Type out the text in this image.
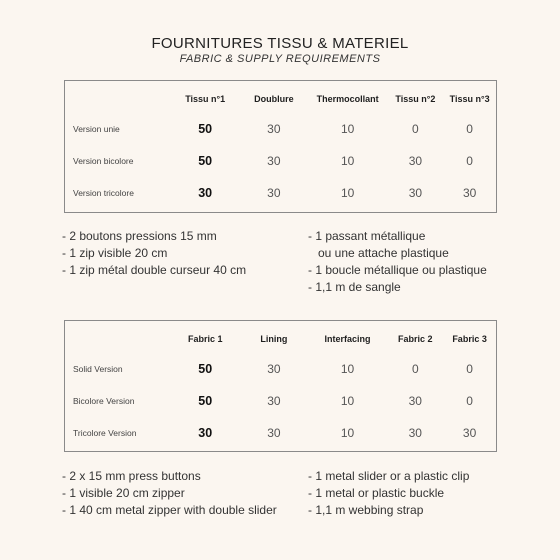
FOURNITURES TISSU & MATERIEL
FABRIC & SUPPLY REQUIREMENTS
	Tissu n°1	Doublure	Thermocollant	Tissu n°2	Tissu n°3
Version unie	50	30	10	0	0
Version bicolore	50	30	10	30	0
Version tricolore	30	30	10	30	30
- 2 boutons pressions 15 mm
- 1 zip visible 20 cm
- 1 zip métal double curseur 40 cm
- 1 passant métallique
ou une attache plastique
- 1 boucle métallique ou plastique
- 1,1 m de sangle
	Fabric 1	Lining	Interfacing	Fabric 2	Fabric 3
Solid Version	50	30	10	0	0
Bicolore Version	50	30	10	30	0
Tricolore Version	30	30	10	30	30
- 2 x 15 mm press buttons
- 1 visible 20 cm zipper
- 1 40 cm metal zipper with double slider
- 1 metal slider or a plastic clip
- 1 metal or plastic buckle
- 1,1 m webbing strap
